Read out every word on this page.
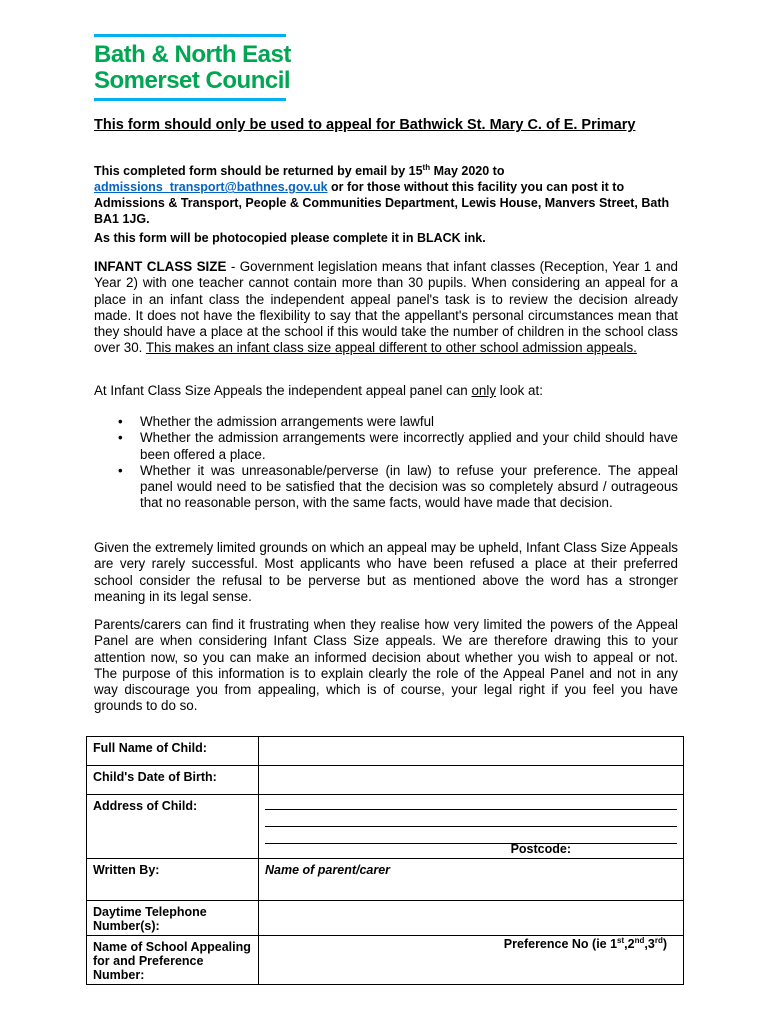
Bath & North East
Somerset Council
This form should only be used to appeal for Bathwick St. Mary C. of E. Primary
This completed form should be returned by email by 15th May 2020 to
admissions_transport@bathnes.gov.uk or for those without this facility you can post it to Admissions & Transport, People & Communities Department, Lewis House, Manvers Street, Bath BA1 1JG.
As this form will be photocopied please complete it in BLACK ink.
INFANT CLASS SIZE - Government legislation means that infant classes (Reception, Year 1 and Year 2) with one teacher cannot contain more than 30 pupils. When considering an appeal for a place in an infant class the independent appeal panel's task is to review the decision already made. It does not have the flexibility to say that the appellant's personal circumstances mean that they should have a place at the school if this would take the number of children in the school class over 30. This makes an infant class size appeal different to other school admission appeals.
At Infant Class Size Appeals the independent appeal panel can only look at:
• Whether the admission arrangements were lawful
• Whether the admission arrangements were incorrectly applied and your child should have been offered a place.
• Whether it was unreasonable/perverse (in law) to refuse your preference. The appeal panel would need to be satisfied that the decision was so completely absurd / outrageous that no reasonable person, with the same facts, would have made that decision.
Given the extremely limited grounds on which an appeal may be upheld, Infant Class Size Appeals are very rarely successful. Most applicants who have been refused a place at their preferred school consider the refusal to be perverse but as mentioned above the word has a stronger meaning in its legal sense.
Parents/carers can find it frustrating when they realise how very limited the powers of the Appeal Panel are when considering Infant Class Size appeals. We are therefore drawing this to your attention now, so you can make an informed decision about whether you wish to appeal or not. The purpose of this information is to explain clearly the role of the Appeal Panel and not in any way discourage you from appealing, which is of course, your legal right if you feel you have grounds to do so.
Full Name of Child:	
Child's Date of Birth:	
Address of Child:	Postcode:

Written By:	Name of parent/carer

Daytime Telephone Number(s):	
Name of School Appealing for and Preference Number:	Preference No (ie 1st,2nd,3rd)
